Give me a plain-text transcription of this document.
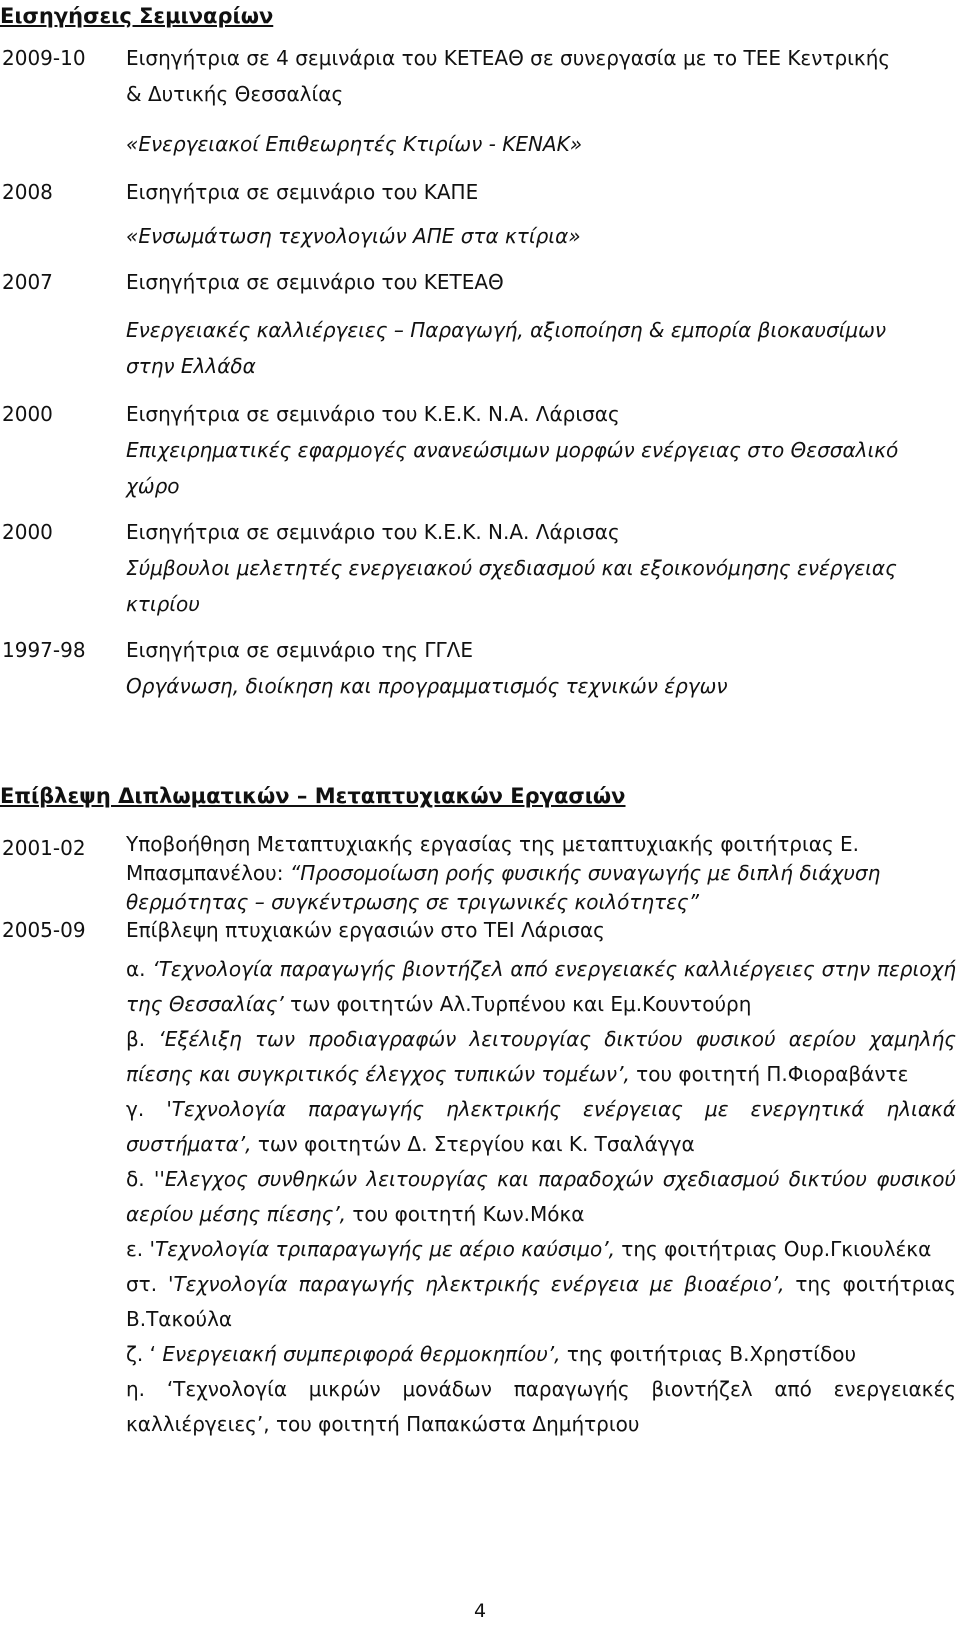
Εισηγήσεις Σεμιναρίων
2009-10 Εισηγήτρια σε 4 σεμινάρια του ΚΕΤΕΑΘ σε συνεργασία με το ΤΕΕ Κεντρικής
& Δυτικής Θεσσαλίας
«Ενεργειακοί Επιθεωρητές Κτιρίων - ΚΕΝΑΚ»
2008	Εισηγήτρια σε σεμινάριο του ΚΑΠΕ
«Ενσωμάτωση τεχνολογιών ΑΠΕ στα κτίρια»
2007	Εισηγήτρια σε σεμινάριο του ΚΕΤΕΑΘ
Ενεργειακές καλλιέργειες – Παραγωγή, αξιοποίηση & εμπορία βιοκαυσίμων
στην Ελλάδα
2000	Εισηγήτρια σε σεμινάριο του Κ.Ε.Κ. Ν.Α. Λάρισας
Επιχειρηματικές εφαρμογές ανανεώσιμων μορφών ενέργειας στο Θεσσαλικό
χώρο
2000	Εισηγήτρια σε σεμινάριο του Κ.Ε.Κ. Ν.Α. Λάρισας
Σύμβουλοι μελετητές ενεργειακού σχεδιασμού και εξοικονόμησης ενέργειας
κτιρίου
1997-98 Εισηγήτρια σε σεμινάριο της ΓΓΛΕ
Οργάνωση, διοίκηση και προγραμματισμός τεχνικών έργων
Επίβλεψη Διπλωματικών – Μεταπτυχιακών Εργασιών
2001-02 Υποβοήθηση Μεταπτυχιακής εργασίας της μεταπτυχιακής φοιτήτριας Ε.
Μπασμπανέλου: “Προσομοίωση ροής φυσικής συναγωγής με διπλή διάχυση
θερμότητας – συγκέντρωσης σε τριγωνικές κοιλότητες”
2005-09 Επίβλεψη πτυχιακών εργασιών στο ΤΕΙ Λάρισας
α. ‘Τεχνολογία παραγωγής βιοντήζελ από ενεργειακές καλλιέργειες στην περιοχή της Θεσσαλίας’ των φοιτητών Αλ.Τυρπένου και Εμ.Κουντούρη
β. ‘Εξέλιξη των προδιαγραφών λειτουργίας δικτύου φυσικού αερίου χαμηλής πίεσης και συγκριτικός έλεγχος τυπικών τομέων’, του φοιτητή Π.Φιοραβάντε
γ. 'Τεχνολογία παραγωγής ηλεκτρικής ενέργειας με ενεργητικά ηλιακά συστήματα’, των φοιτητών Δ. Στεργίου και Κ. Τσαλάγγα
δ. ''Ελεγχος συνθηκών λειτουργίας και παραδοχών σχεδιασμού δικτύου φυσικού αερίου μέσης πίεσης’, του φοιτητή Κων.Μόκα
ε. 'Τεχνολογία τριπαραγωγής με αέριο καύσιμο’, της φοιτήτριας Ουρ.Γκιουλέκα
στ. 'Τεχνολογία παραγωγής ηλεκτρικής ενέργεια με βιοαέριο’, της φοιτήτριας Β.Τακούλα
ζ. ‘ Ενεργειακή συμπεριφορά θερμοκηπίου’, της φοιτήτριας Β.Χρηστίδου
η. ‘Τεχνολογία μικρών μονάδων παραγωγής βιοντήζελ από ενεργειακές καλλιέργειες’, του φοιτητή Παπακώστα Δημήτριου
4
